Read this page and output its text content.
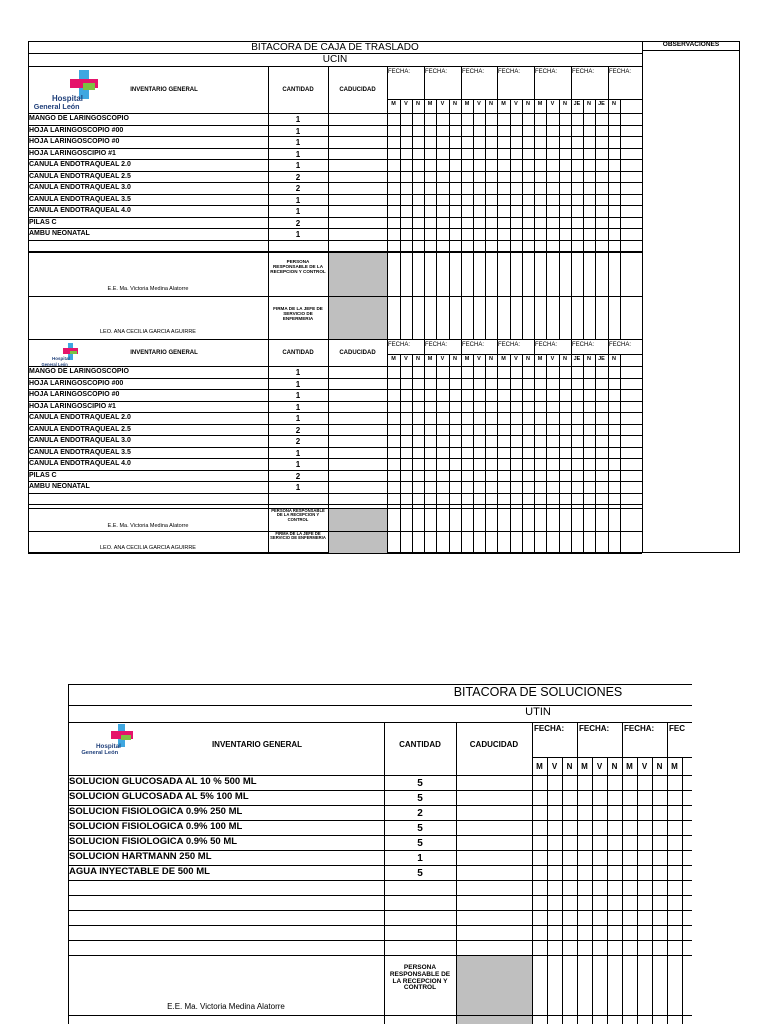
BITACORA DE CAJA DE TRASLADO
UCIN
OBSERVACIONES
Hospital
General León
INVENTARIO GENERAL	CANTIDAD	CADUCIDAD
FECHA: FECHA: FECHA: FECHA: FECHA: FECHA: FECHA:
M	V	N	M	V	N	M	V	N	M	V	N	M	V	N	JE	N	JE	N
MANGO DE LARINGOSCOPIO	1
HOJA LARINGOSCOPIO #00	1
HOJA LARINGOSCOPIO #0	1
HOJA LARINGOSCIPIO #1	1
CANULA ENDOTRAQUEAL 2.0	1
CANULA ENDOTRAQUEAL 2.5	2
CANULA ENDOTRAQUEAL 3.0	2
CANULA ENDOTRAQUEAL 3.5	1
CANULA ENDOTRAQUEAL 4.0	1
PILAS C	2
AMBU NEONATAL	1
PERSONA RESPONSABLE DE LA RECEPCION Y CONTROL
FIRMA DE LA JEFE DE SERVICIO DE ENFERMERIA
E.E. Ma. Victoria Medina Alatorre
LEO. ANA CECILIA GARCIA AGUIRRE
Hospital
General León
INVENTARIO GENERAL	CANTIDAD	CADUCIDAD
FECHA: FECHA: FECHA: FECHA: FECHA: FECHA: FECHA:
M	V	N	M	V	N	M	V	N	M	V	N	M	V	N	JE	N	JE	N
MANGO DE LARINGOSCOPIO	1
HOJA LARINGOSCOPIO #00	1
HOJA LARINGOSCOPIO #0	1
HOJA LARINGOSCIPIO #1	1
CANULA ENDOTRAQUEAL 2.0	1
CANULA ENDOTRAQUEAL 2.5	2
CANULA ENDOTRAQUEAL 3.0	2
CANULA ENDOTRAQUEAL 3.5	1
CANULA ENDOTRAQUEAL 4.0	1
PILAS C	2
AMBU NEONATAL	1
PERSONA RESPONSABLE DE LA RECEPCION Y CONTROL
FIRMA DE LA JEFE DE SERVICIO DE ENFERMERIA
E.E. Ma. Victoria Medina Alatorre
LEO. ANA CECILIA GARCIA AGUIRRE
BITACORA DE SOLUCIONES
UTIN
Hospital
General León
INVENTARIO GENERAL	CANTIDAD	CADUCIDAD
FECHA: FECHA: FECHA: FEC
M	V	N	M	V	N	M	V	N	M
SOLUCION GLUCOSADA AL 10 % 500 ML	5
SOLUCION GLUCOSADA AL 5% 100 ML	5
SOLUCION FISIOLOGICA 0.9% 250 ML	2
SOLUCION FISIOLOGICA 0.9% 100 ML	5
SOLUCION FISIOLOGICA 0.9% 50 ML	5
SOLUCION HARTMANN 250 ML	1
AGUA INYECTABLE DE 500 ML	5
PERSONA RESPONSABLE DE LA RECEPCION Y CONTROL
E.E. Ma. Victoria Medina Alatorre
